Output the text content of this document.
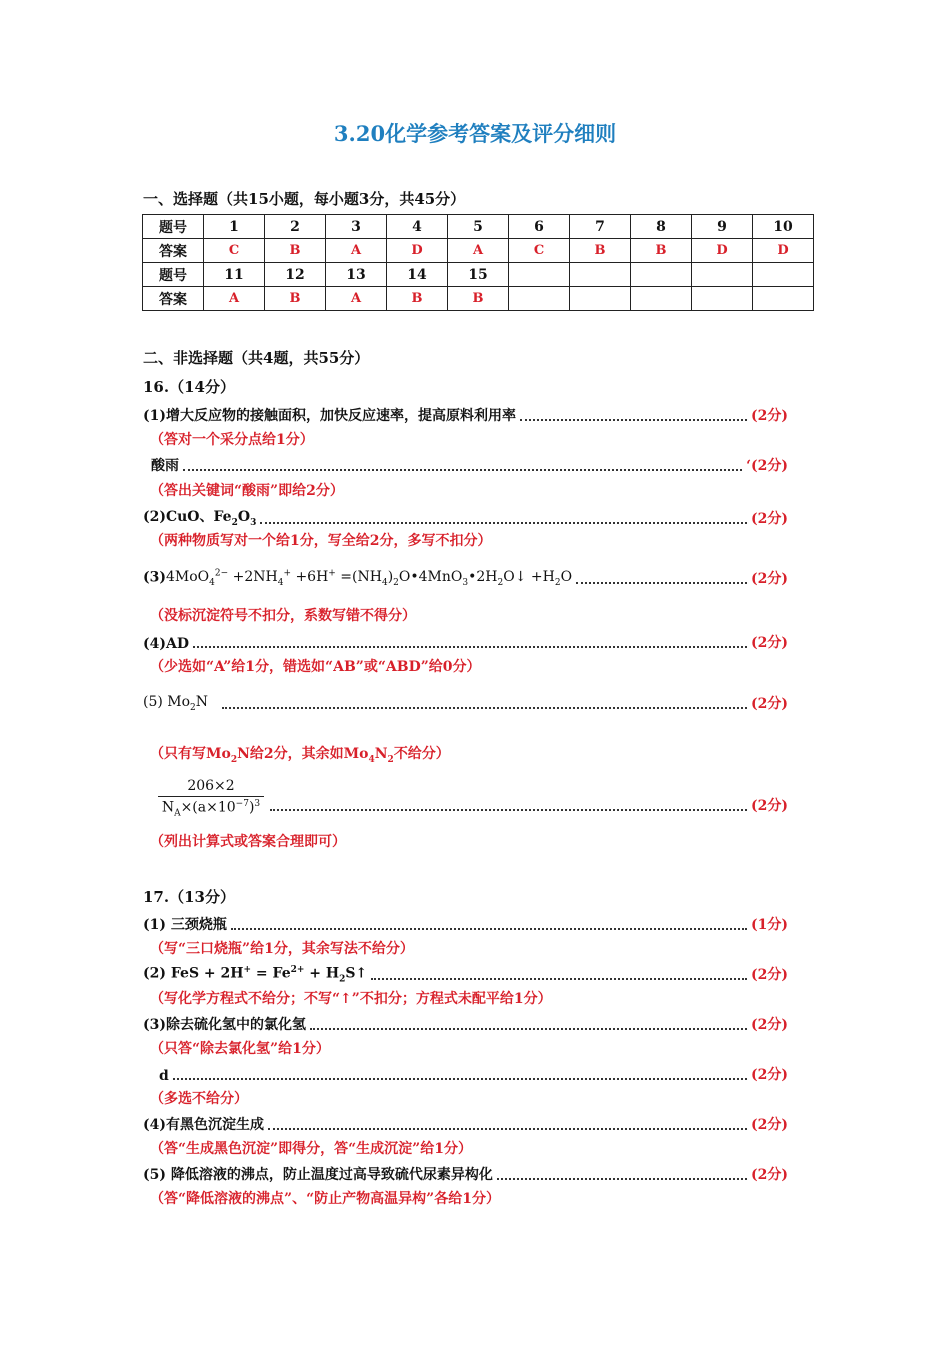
3.20化学参考答案及评分细则
一、选择题（共15小题，每小题3分，共45分）
题号	1	2	3	4	5	6	7	8	9	10
答案	C	B	A	D	A	C	B	B	D	D
题号	11	12	13	14	15					
答案	A	B	A	B	B					
二、非选择题（共4题，共55分）
16.（14分）
(1)增大反应物的接触面积，加快反应速率，提高原料利用率	(2分)
（答对一个采分点给1分）
酸雨	‘(2分)
（答出关键词“酸雨”即给2分）
(2)CuO、$Fe_2O_3$	(2分)
（两种物质写对一个给1分，写全给2分，多写不扣分）
$(3)4MoO_4^{2-} +2NH_4^+ +6H^+$ $=(NH_4)_2O•4MnO_3•2H_2O↓ +H_2O$	(2分)
（没标沉淀符号不扣分，系数写错不得分）
(4)AD	(2分)
（少选如“A”给1分，错选如“AB”或“ABD”给0分）
(5) $Mo_2N$	(2分)
（只有写$Mo_2N$给2分，其余如$Mo_4N_2$不给分）
$\frac{206\times 2}{N_A\times(a\times 10^{-7})^3}$	(2分)
（列出计算式或答案合理即可）
17.（13分）
(1) 三颈烧瓶	(1分)
（写“三口烧瓶”给1分，其余写法不给分）
(2) FeS + $2H^+ = Fe^{2+}$ + $H_2S↑$	(2分)
（写化学方程式不给分；不写“↑”不扣分；方程式未配平给1分）
(3)除去硫化氢中的氯化氢	(2分)
（只答“除去氯化氢”给1分）
d	(2分)
（多选不给分）
(4)有黑色沉淀生成	(2分)
（答“生成黑色沉淀”即得分，答“生成沉淀”给1分）
(5) 降低溶液的沸点，防止温度过高导致硫代尿素异构化	(2分)
（答“降低溶液的沸点”、“防止产物高温异构”各给1分）
